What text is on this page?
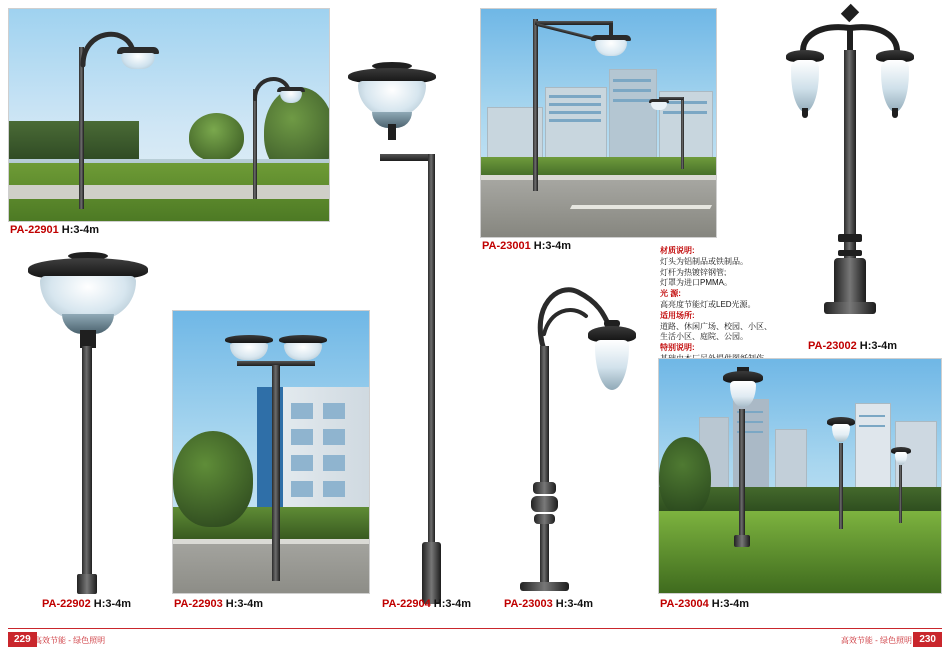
PA-22901 H:3-4m
PA-23001 H:3-4m	材质说明:
灯头为铝制品或铁制品。
灯杆为热镀锌钢管;
灯罩为进口PMMA。
光 源:
高亮度节能灯或LED光源。
适用场所:
道路、休闲广场、校园、小区、
生活小区、庭院、公园。
特别说明:
PA-22904 H:3-4m
PA-23002 H:3-4m
PA-22902 H:3-4m	PA-22903 H:3-4m	PA-23003 H:3-4m	PA-23004 H:3-4m
229 高效节能 - 绿色照明	230
高效节能 - 绿色照明
